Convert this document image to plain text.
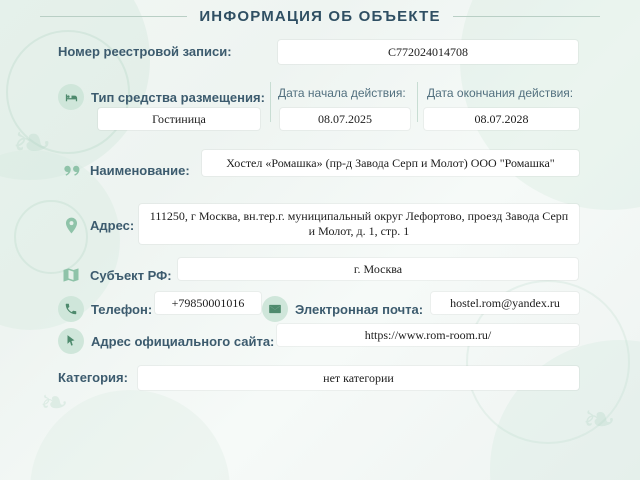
❧
❧
❧
ИНФОРМАЦИЯ ОБ ОБЪЕКТЕ
Номер реестровой записи:	С772024014708
Тип средства размещения: Дата начала действия: Дата окончания действия:
Гостиница	08.07.2025	08.07.2028
Наименование:	Хостел «Ромашка» (пр-д Завода Серп и Молот) ООО "Ромашка"
Адрес:
111250, г Москва, вн.тер.г. муниципальный округ Лефортово, проезд Завода Серп и Молот, д. 1, стр. 1
Субъект РФ:	г. Москва
Телефон:	+79850001016	Электронная почта:	hostel.rom@yandex.ru
Адрес официального сайта:	https://www.rom-room.ru/
Категория:	нет категории
